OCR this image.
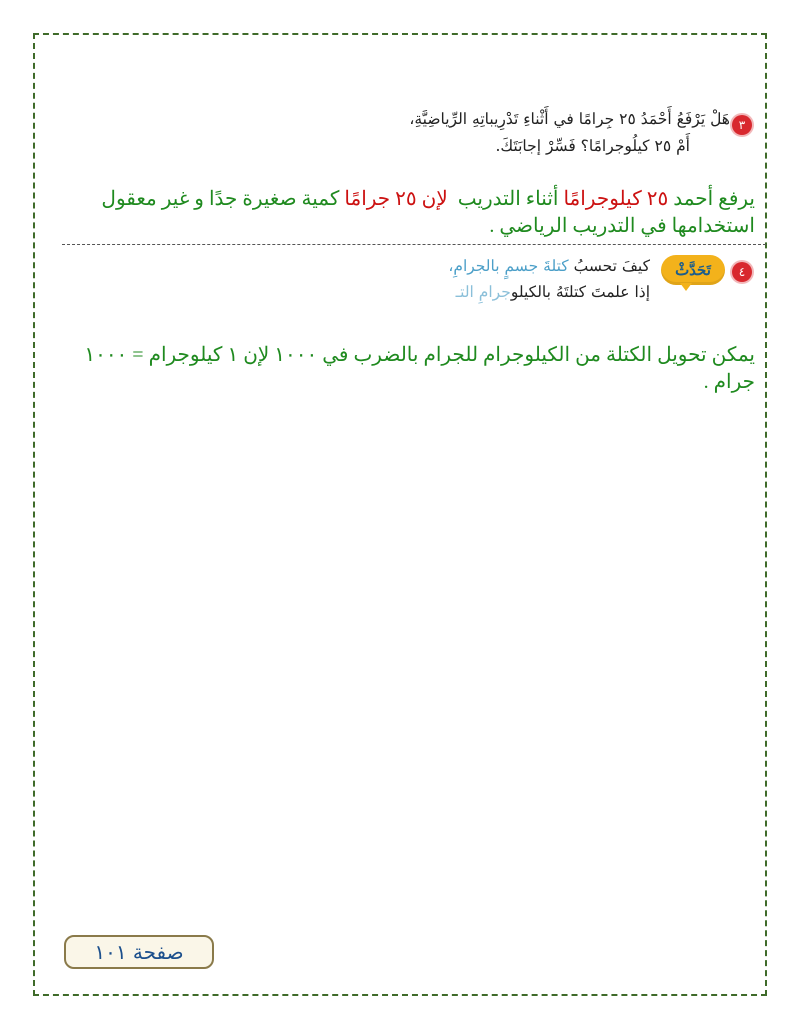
٣
هَلْ يَرْفَعُ أَحْمَدُ ٢٥ جِرامًا في أَثْناءِ تَدْرِيباتِهِ الرِّياضِيَّةِ،
أَمْ ٢٥ كيلُوجرامًا؟ فَسِّرْ إجابَتَكَ.
يرفع أحمد ٢٥ كيلوجرامًا أثناء التدريب  لإن ٢٥ جرامًا كمية صغيرة جدًا و غير معقول استخدامها في التدريب الرياضي .
٤
تَحَدَّثْ
كيفَ تحسبُ كتلةَ جسمٍ بالجرامِ،
إذا علمتَ كتلتَهُ بالكيلوجرامِ التـ
يمكن تحويل الكتلة من الكيلوجرام للجرام بالضرب في ١٠٠٠ لإن ١ كيلوجرام = ١٠٠٠ جرام .
صفحة ١٠١
